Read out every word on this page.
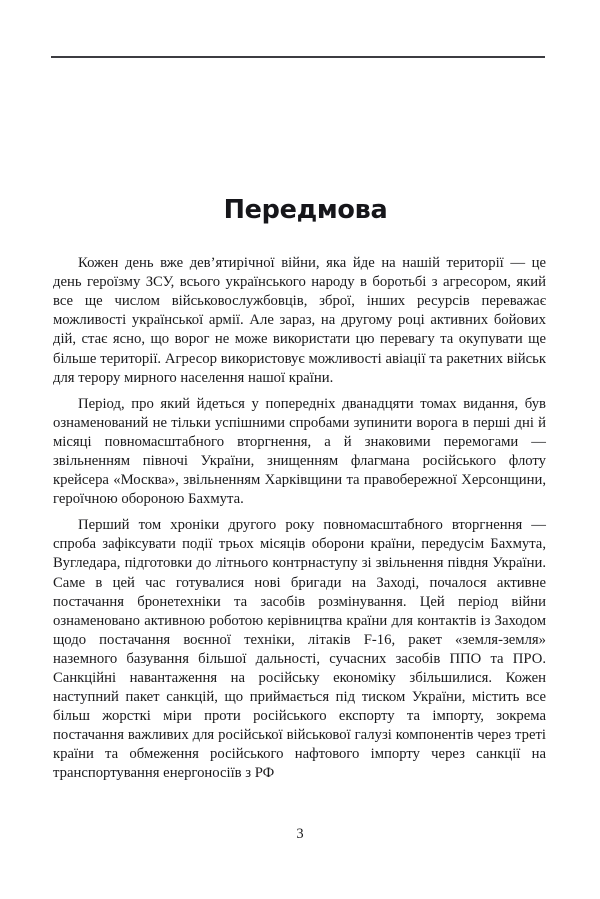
Передмова

Кожен день вже дев’ятирічної війни, яка йде на нашій території — це день героїзму ЗСУ, всього українського народу в боротьбі з агресором, який все ще числом військовослужбовців, зброї, інших ресурсів переважає можливості української армії. Але зараз, на другому році активних бойових дій, стає ясно, що ворог не може використати цю перевагу та окупувати ще більше території. Агресор використовує можливості авіації та ракетних військ для терору мирного населення нашої країни.

Період, про який йдеться у попередніх дванадцяти томах видання, був ознаменований не тільки успішними спробами зупинити ворога в перші дні й місяці повномасштабного вторгнення, а й знаковими перемогами — звільненням півночі України, знищенням флагмана російського флоту крейсера «Москва», звільненням Харківщини та правобережної Херсонщини, героїчною обороною Бахмута.

Перший том хроніки другого року повномасштабного вторгнення — спроба зафіксувати події трьох місяців оборони країни, передусім Бахмута, Вугледара, підготовки до літнього контрнаступу зі звільнення півдня України. Саме в цей час готувалися нові бригади на Заході, почалося активне постачання бронетехніки та засобів розмінування. Цей період війни ознаменовано активною роботою керівництва країни для контактів із Заходом щодо постачання воєнної техніки, літаків F-16, ракет «земля-земля» наземного базування більшої дальності, сучасних засобів ППО та ПРО. Санкційні навантаження на російську економіку збільшилися. Кожен наступний пакет санкцій, що приймається під тиском України, містить все більш жорсткі міри проти російського експорту та імпорту, зокрема постачання важливих для російської військової галузі компонентів через треті країни та обмеження російського нафтового імпорту через санкції на транспортування енергоносіїв з РФ

3
